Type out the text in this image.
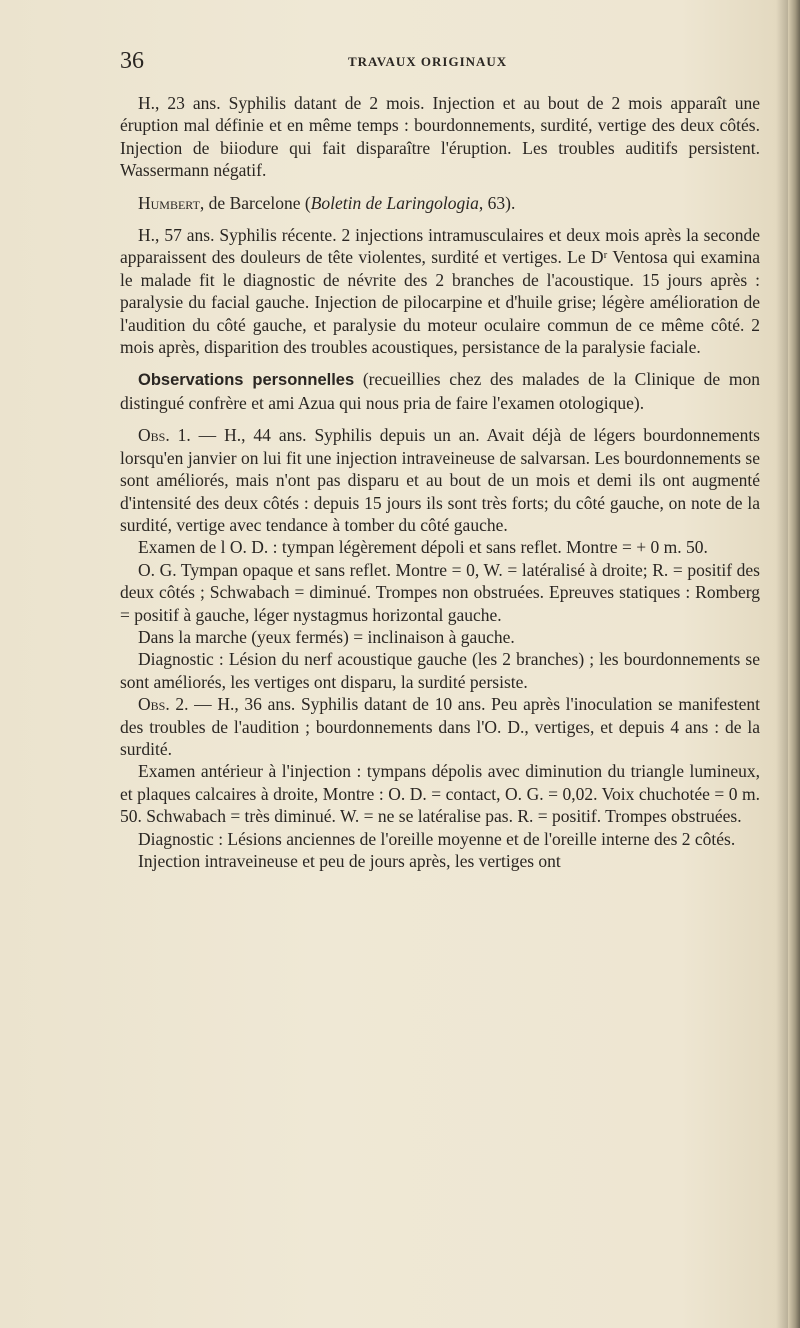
36	TRAVAUX ORIGINAUX

H., 23 ans. Syphilis datant de 2 mois. Injection et au bout de 2 mois apparaît une éruption mal définie et en même temps : bourdonnements, surdité, vertige des deux côtés. Injection de biiodure qui fait disparaître l'éruption. Les troubles auditifs persistent. Wassermann négatif.

Humbert, de Barcelone (Boletin de Laringologia, 63).

H., 57 ans. Syphilis récente. 2 injections intramusculaires et deux mois après la seconde apparaissent des douleurs de tête violentes, surdité et vertiges. Le Dʳ Ventosa qui examina le malade fit le diagnostic de névrite des 2 branches de l'acoustique. 15 jours après : paralysie du facial gauche. Injection de pilocarpine et d'huile grise; légère amélioration de l'audition du côté gauche, et paralysie du moteur oculaire commun de ce même côté. 2 mois après, disparition des troubles acoustiques, persistance de la paralysie faciale.

Observations personnelles (recueillies chez des malades de la Clinique de mon distingué confrère et ami Azua qui nous pria de faire l'examen otologique).

Obs. 1. — H., 44 ans. Syphilis depuis un an. Avait déjà de légers bourdonnements lorsqu'en janvier on lui fit une injection intraveineuse de salvarsan. Les bourdonnements se sont améliorés, mais n'ont pas disparu et au bout de un mois et demi ils ont augmenté d'intensité des deux côtés : depuis 15 jours ils sont très forts; du côté gauche, on note de la surdité, vertige avec tendance à tomber du côté gauche.

Examen de l O. D. : tympan légèrement dépoli et sans reflet. Montre = + 0 m. 50.

O. G. Tympan opaque et sans reflet. Montre = 0, W. = latéralisé à droite; R. = positif des deux côtés ; Schwabach = diminué. Trompes non obstruées. Epreuves statiques : Romberg = positif à gauche, léger nystagmus horizontal gauche.

Dans la marche (yeux fermés) = inclinaison à gauche.

Diagnostic : Lésion du nerf acoustique gauche (les 2 branches) ; les bourdonnements se sont améliorés, les vertiges ont disparu, la surdité persiste.

Obs. 2. — H., 36 ans. Syphilis datant de 10 ans. Peu après l'inoculation se manifestent des troubles de l'audition ; bourdonnements dans l'O. D., vertiges, et depuis 4 ans : de la surdité.

Examen antérieur à l'injection : tympans dépolis avec diminution du triangle lumineux, et plaques calcaires à droite, Montre : O. D. = contact, O. G. = 0,02. Voix chuchotée = 0 m. 50. Schwabach = très diminué. W. = ne se latéralise pas. R. = positif. Trompes obstruées.

Diagnostic : Lésions anciennes de l'oreille moyenne et de l'oreille interne des 2 côtés.

Injection intraveineuse et peu de jours après, les vertiges ont
